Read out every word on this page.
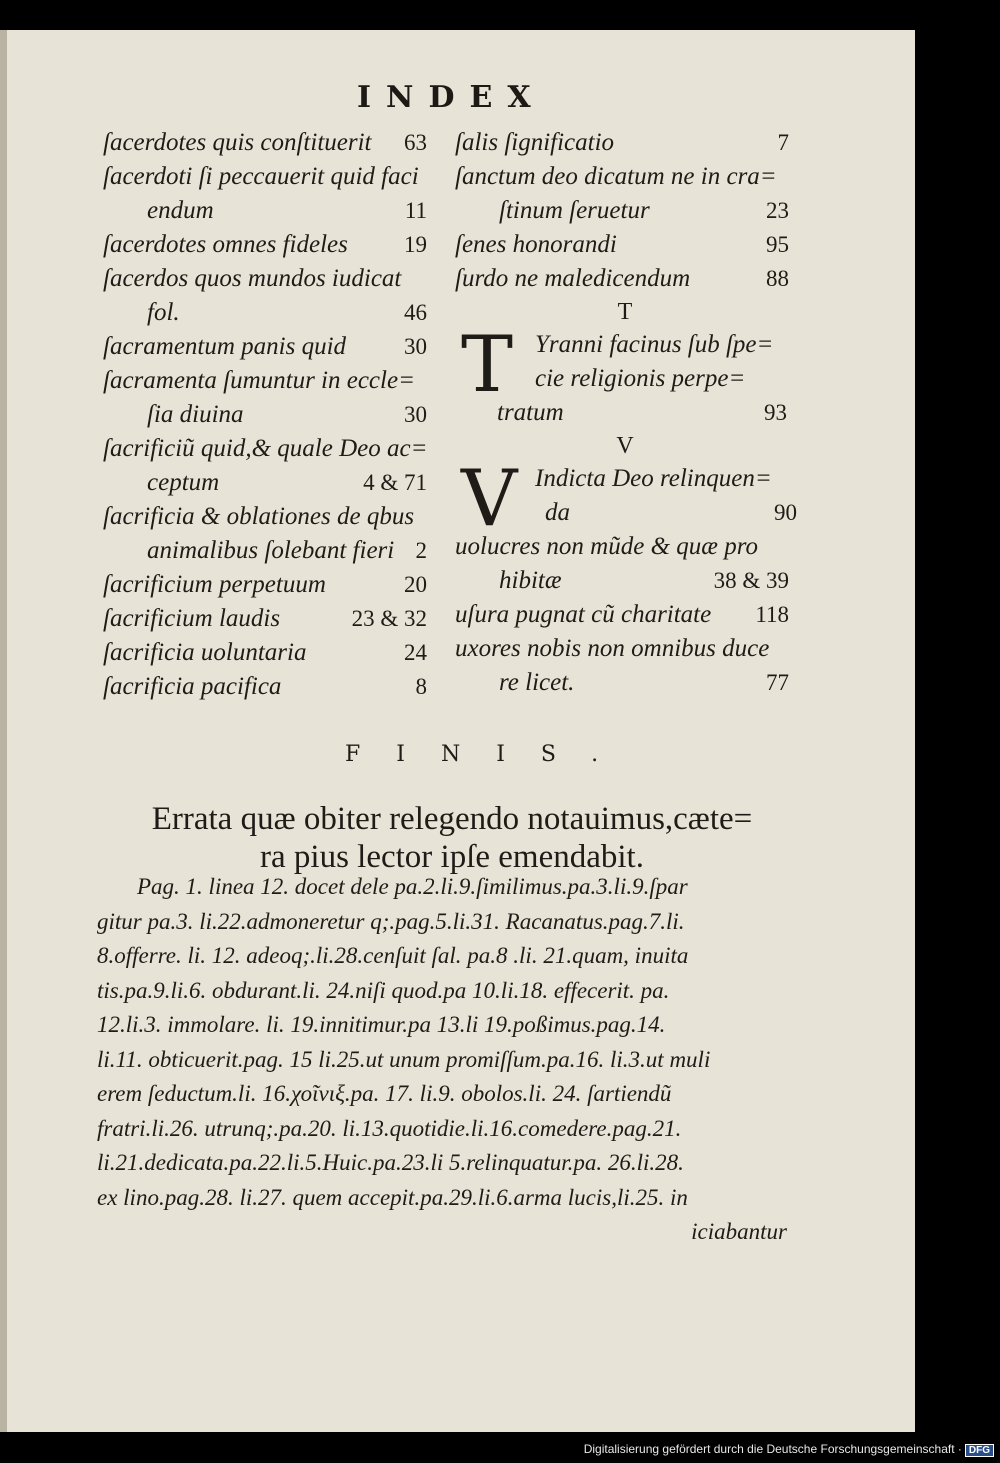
INDEX
ſacerdotes quis conſtituerit 63
ſacerdoti ſi peccauerit quid faci
endum	11
ſacerdotes omnes fideles 19
ſacerdos quos mundos iudicat
fol.	46
ſacramentum panis quid	30
ſacramenta ſumuntur in eccle=
ſia diuina	30
ſacrificiũ quid,& quale Deo ac=
ceptum	4 & 71
ſacrificia & oblationes de qbus
animalibus ſolebant fieri 2
ſacrificium perpetuum	20
ſacrificium laudis	23 & 32
ſacrificia uoluntaria	24
ſacrificia pacifica	8
ſalis ſignificatio	7
ſanctum deo dicatum ne in cra=
ſtinum ſeruetur	23
ſenes honorandi	95
ſurdo ne maledicendum	88
T
T Yranni facinus ſub ſpe=
cie religionis perpe=
tratum	93
V
V Indicta Deo relinquen=
da	90
uolucres non mũde & quæ pro
hibitæ	38 & 39
uſura pugnat cũ charitate 118
uxores nobis non omnibus duce
re licet.	77
FINIS.
Errata quæ obiter relegendo notauimus,cæte=
ra pius lector ipſe emendabit.
Pag. 1. linea 12. docet dele pa.2.li.9.ſimilimus.pa.3.li.9.ſpar
gitur pa.3. li.22.admoneretur q;.pag.5.li.31. Racanatus.pag.7.li.
8.offerre. li. 12. adeoq;.li.28.cenſuit ſal. pa.8 .li. 21.quam, inuita
tis.pa.9.li.6. obdurant.li. 24.niſi quod.pa 10.li.18. effecerit. pa.
12.li.3. immolare. li. 19.innitimur.pa 13.li 19.poßimus.pag.14.
li.11. obticuerit.pag. 15 li.25.ut unum promiſſum.pa.16. li.3.ut muli
erem ſeductum.li. 16.χοῖνιξ.pa. 17. li.9. obolos.li. 24. ſartiendũ
fratri.li.26. utrunq;.pa.20. li.13.quotidie.li.16.comedere.pag.21.
li.21.dedicata.pa.22.li.5.Huic.pa.23.li 5.relinquatur.pa. 26.li.28.
ex lino.pag.28. li.27. quem accepit.pa.29.li.6.arma lucis,li.25. in
iciabantur
Digitalisierung gefördert durch die Deutsche Forschungsgemeinschaft · DFG
